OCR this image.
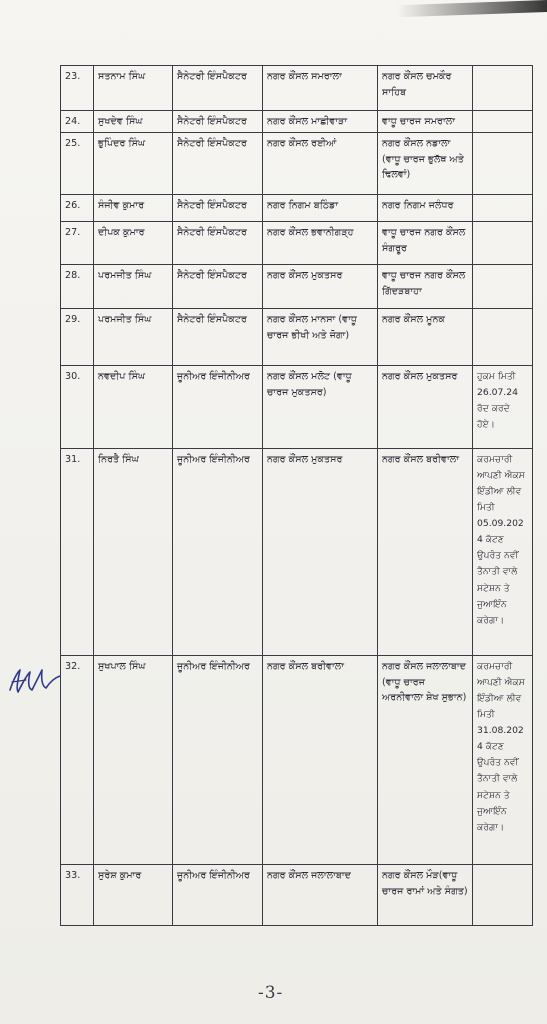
23.	ਸਤਨਾਮ ਸਿੰਘ	ਸੈਨੇਟਰੀ ਇੰਸਪੈਕਟਰ	ਨਗਰ ਕੌਂਸਲ ਸਮਰਾਲਾ	ਨਗਰ ਕੌਂਸਲ ਚਮਕੌਰ ਸਾਹਿਬ	
24.	ਸੁਖਦੇਵ ਸਿੰਘ	ਸੈਨੇਟਰੀ ਇੰਸਪੈਕਟਰ	ਨਗਰ ਕੌਂਸਲ ਮਾਛੀਵਾੜਾ	ਵਾਧੂ ਚਾਰਜ ਸਮਰਾਲਾ	
25.	ਭੁਪਿੰਦਰ ਸਿੰਘ	ਸੈਨੇਟਰੀ ਇੰਸਪੈਕਟਰ	ਨਗਰ ਕੌਂਸਲ ਰਈਆਂ	ਨਗਰ ਕੌਂਸਲ ਨਡਾਲਾ (ਵਾਧੂ ਚਾਰਜ ਭੁਲੱਥ ਅਤੇ ਢਿਲਵਾਂ)	
26.	ਸੰਜੀਵ ਕੁਮਾਰ	ਸੈਨੇਟਰੀ ਇੰਸਪੈਕਟਰ	ਨਗਰ ਨਿਗਮ ਬਠਿੰਡਾ	ਨਗਰ ਨਿਗਮ ਜਲੰਧਰ	
27.	ਦੀਪਕ ਕੁਮਾਰ	ਸੈਨੇਟਰੀ ਇੰਸਪੈਕਟਰ	ਨਗਰ ਕੌਂਸਲ ਭਵਾਨੀਗੜ੍ਹ	ਵਾਧੂ ਚਾਰਜ ਨਗਰ ਕੌਂਸਲ ਸੰਗਰੂਰ	
28.	ਪਰਮਜੀਤ ਸਿੰਘ	ਸੈਨੇਟਰੀ ਇੰਸਪੈਕਟਰ	ਨਗਰ ਕੌਂਸਲ ਮੁਕਤਸਰ	ਵਾਧੂ ਚਾਰਜ ਨਗਰ ਕੌਂਸਲ ਗਿੱਦੜਬਾਹਾ	
29.	ਪਰਮਜੀਤ ਸਿੰਘ	ਸੈਨੇਟਰੀ ਇੰਸਪੈਕਟਰ	ਨਗਰ ਕੌਂਸਲ ਮਾਨਸਾ (ਵਾਧੂ ਚਾਰਜ ਭੀਖੀ ਅਤੇ ਜੋਗਾ)	ਨਗਰ ਕੌਂਸਲ ਮੂਨਕ	
30.	ਨਵਦੀਪ ਸਿੰਘ	ਜੂਨੀਅਰ ਇੰਜੀਨੀਅਰ	ਨਗਰ ਕੌਂਸਲ ਮਲੋਟ (ਵਾਧੂ ਚਾਰਜ ਮੁਕਤਸਰ)	ਨਗਰ ਕੌਂਸਲ ਮੁਕਤਸਰ	ਹੁਕਮ ਮਿਤੀ 26.07.24 ਰੱਦ ਕਰਦੇ ਹੋਏ।
31.	ਨਿਰਤੈ ਸਿੰਘ	ਜੂਨੀਅਰ ਇੰਜੀਨੀਅਰ	ਨਗਰ ਕੌਂਸਲ ਮੁਕਤਸਰ	ਨਗਰ ਕੌਂਸਲ ਬਰੀਵਾਲਾ	ਕਰਮਚਾਰੀ ਆਪਣੀ ਐਕਸ ਇੰਡੀਆ ਲੀਵ ਮਿਤੀ 05.09.2024 ਕੱਟਣ ਉਪਰੰਤ ਨਵੀਂ ਤੈਨਾਤੀ ਵਾਲੇ ਸਟੇਸ਼ਨ ਤੇ ਜੁਆਇੰਨ ਕਰੇਗਾ।
32.	ਸੁਖਪਾਲ ਸਿੰਘ	ਜੂਨੀਅਰ ਇੰਜੀਨੀਅਰ	ਨਗਰ ਕੌਂਸਲ ਬਰੀਵਾਲਾ	ਨਗਰ ਕੌਂਸਲ ਜਲਾਲਾਬਾਦ (ਵਾਧੂ ਚਾਰਜ ਅਰਨੀਵਾਲਾ ਸ਼ੇਖ ਸੁਭਾਨ)	ਕਰਮਚਾਰੀ ਆਪਣੀ ਐਕਸ ਇੰਡੀਆ ਲੀਵ ਮਿਤੀ 31.08.2024 ਕੱਟਣ ਉਪਰੰਤ ਨਵੀਂ ਤੈਨਾਤੀ ਵਾਲੇ ਸਟੇਸ਼ਨ ਤੇ ਜੁਆਇੰਨ ਕਰੇਗਾ।
33.	ਸੁਰੇਸ਼ ਕੁਮਾਰ	ਜੂਨੀਅਰ ਇੰਜੀਨੀਅਰ	ਨਗਰ ਕੌਂਸਲ ਜਲਾਲਾਬਾਦ	ਨਗਰ ਕੌਂਸਲ ਮੌੜ(ਵਾਧੂ ਚਾਰਜ ਰਾਮਾਂ ਅਤੇ ਸੰਗਤ)	
-3-
